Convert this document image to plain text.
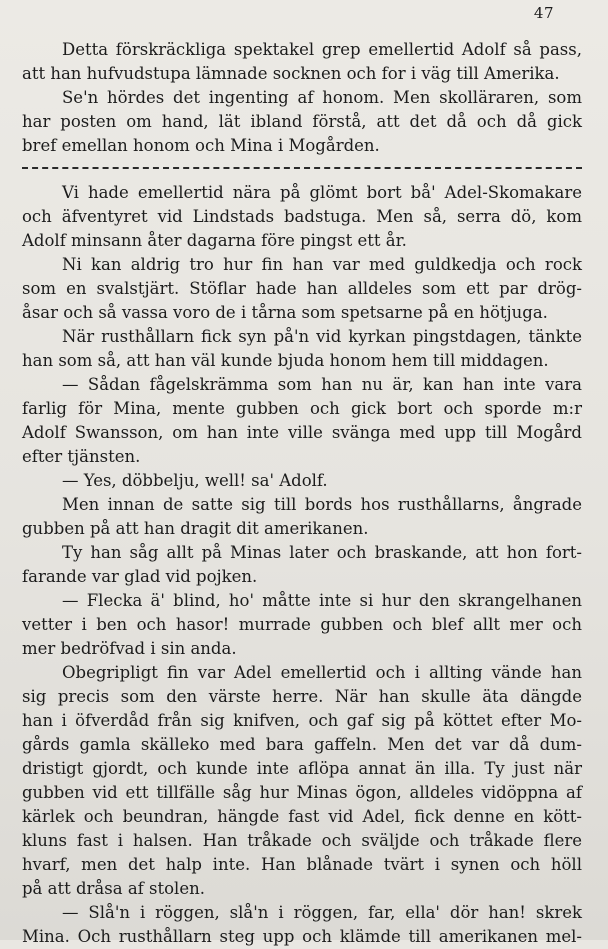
47
Detta förskräckliga spektakel grep emellertid Adolf så pass,
att han hufvudstupa lämnade socknen och for i väg till Amerika.
Se'n hördes det ingenting af honom. Men skolläraren, som
har posten om hand, lät ibland förstå, att det då och då gick
bref emellan honom och Mina i Mogården.
Vi hade emellertid nära på glömt bort bå' Adel-Skomakare
och äfventyret vid Lindstads badstuga. Men så, serra dö, kom
Adolf minsann åter dagarna före pingst ett år.
Ni kan aldrig tro hur fin han var med guldkedja och rock
som en svalstjärt. Stöflar hade han alldeles som ett par drög-
åsar och så vassa voro de i tårna som spetsarne på en hötjuga.
När rusthållarn fick syn på'n vid kyrkan pingstdagen, tänkte
han som så, att han väl kunde bjuda honom hem till middagen.
— Sådan fågelskrämma som han nu är, kan han inte vara
farlig för Mina, mente gubben och gick bort och sporde m:r
Adolf Swansson, om han inte ville svänga med upp till Mogård
efter tjänsten.
— Yes, döbbelju, well! sa' Adolf.
Men innan de satte sig till bords hos rusthållarns, ångrade
gubben på att han dragit dit amerikanen.
Ty han såg allt på Minas later och braskande, att hon fort-
farande var glad vid pojken.
— Flecka ä' blind, ho' måtte inte si hur den skrangelhanen
vetter i ben och hasor! murrade gubben och blef allt mer och
mer bedröfvad i sin anda.
Obegripligt fin var Adel emellertid och i allting vände han
sig precis som den värste herre. När han skulle äta dängde
han i öfverdåd från sig knifven, och gaf sig på köttet efter Mo-
gårds gamla skälleko med bara gaffeln. Men det var då dum-
dristigt gjordt, och kunde inte aflöpa annat än illa. Ty just när
gubben vid ett tillfälle såg hur Minas ögon, alldeles vidöppna af
kärlek och beundran, hängde fast vid Adel, fick denne en kött-
kluns fast i halsen. Han tråkade och sväljde och tråkade flere
hvarf, men det halp inte. Han blånade tvärt i synen och höll
på att dråsa af stolen.
— Slå'n i röggen, slå'n i röggen, far, ella' dör han! skrek
Mina. Och rusthållarn steg upp och klämde till amerikanen mel-
